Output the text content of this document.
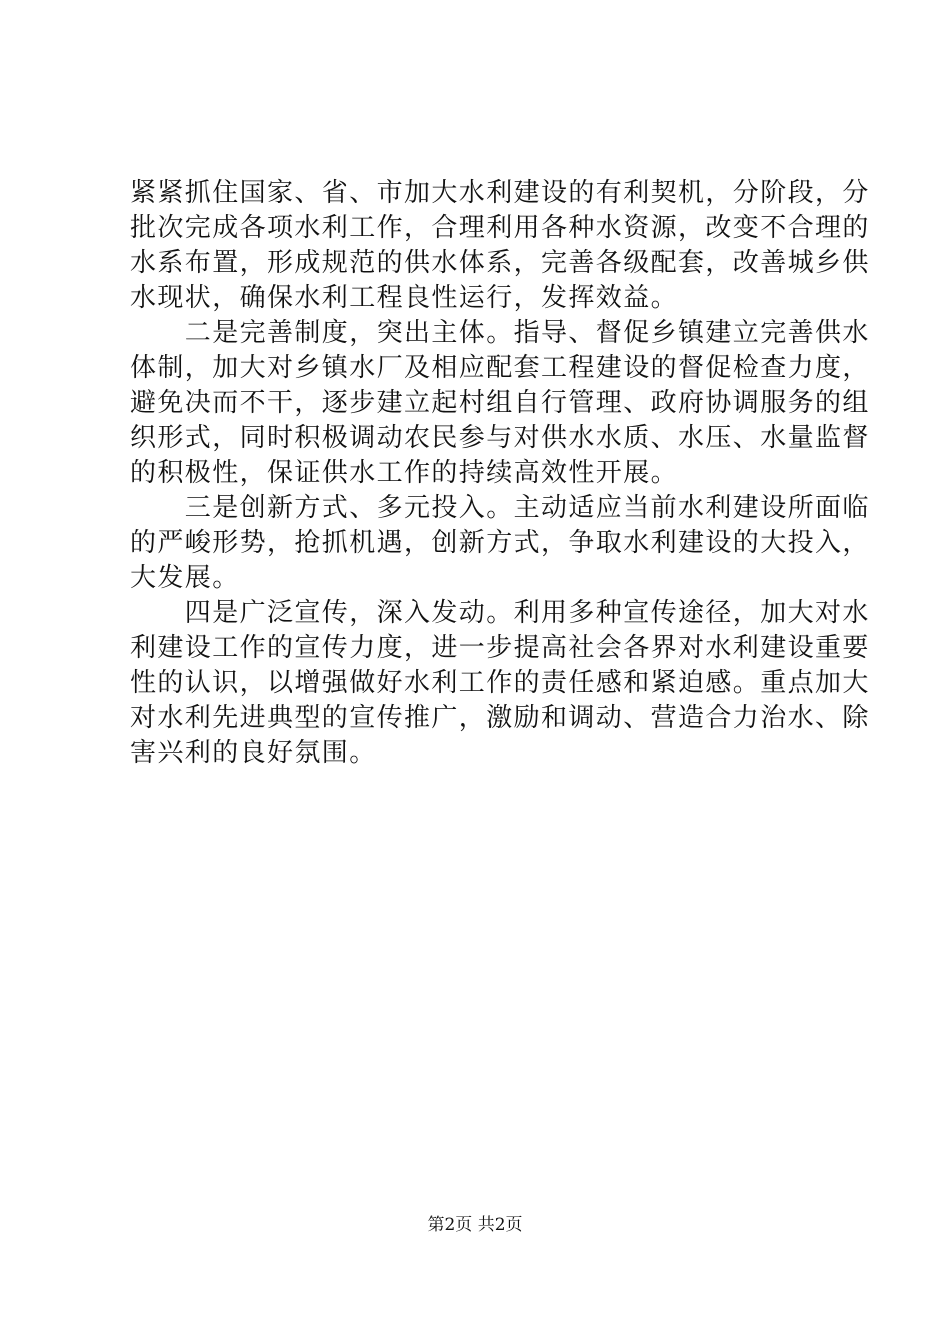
紧紧抓住国家、省、市加大水利建设的有利契机，分阶段，分
批次完成各项水利工作，合理利用各种水资源，改变不合理的
水系布置，形成规范的供水体系，完善各级配套，改善城乡供
水现状，确保水利工程良性运行，发挥效益。
　　二是完善制度，突出主体。指导、督促乡镇建立完善供水
体制，加大对乡镇水厂及相应配套工程建设的督促检查力度，
避免决而不干，逐步建立起村组自行管理、政府协调服务的组
织形式，同时积极调动农民参与对供水水质、水压、水量监督
的积极性，保证供水工作的持续高效性开展。
　　三是创新方式、多元投入。主动适应当前水利建设所面临
的严峻形势，抢抓机遇，创新方式，争取水利建设的大投入，
大发展。
　　四是广泛宣传，深入发动。利用多种宣传途径，加大对水
利建设工作的宣传力度，进一步提高社会各界对水利建设重要
性的认识，以增强做好水利工作的责任感和紧迫感。重点加大
对水利先进典型的宣传推广，激励和调动、营造合力治水、除
害兴利的良好氛围。
第2页 共2页
